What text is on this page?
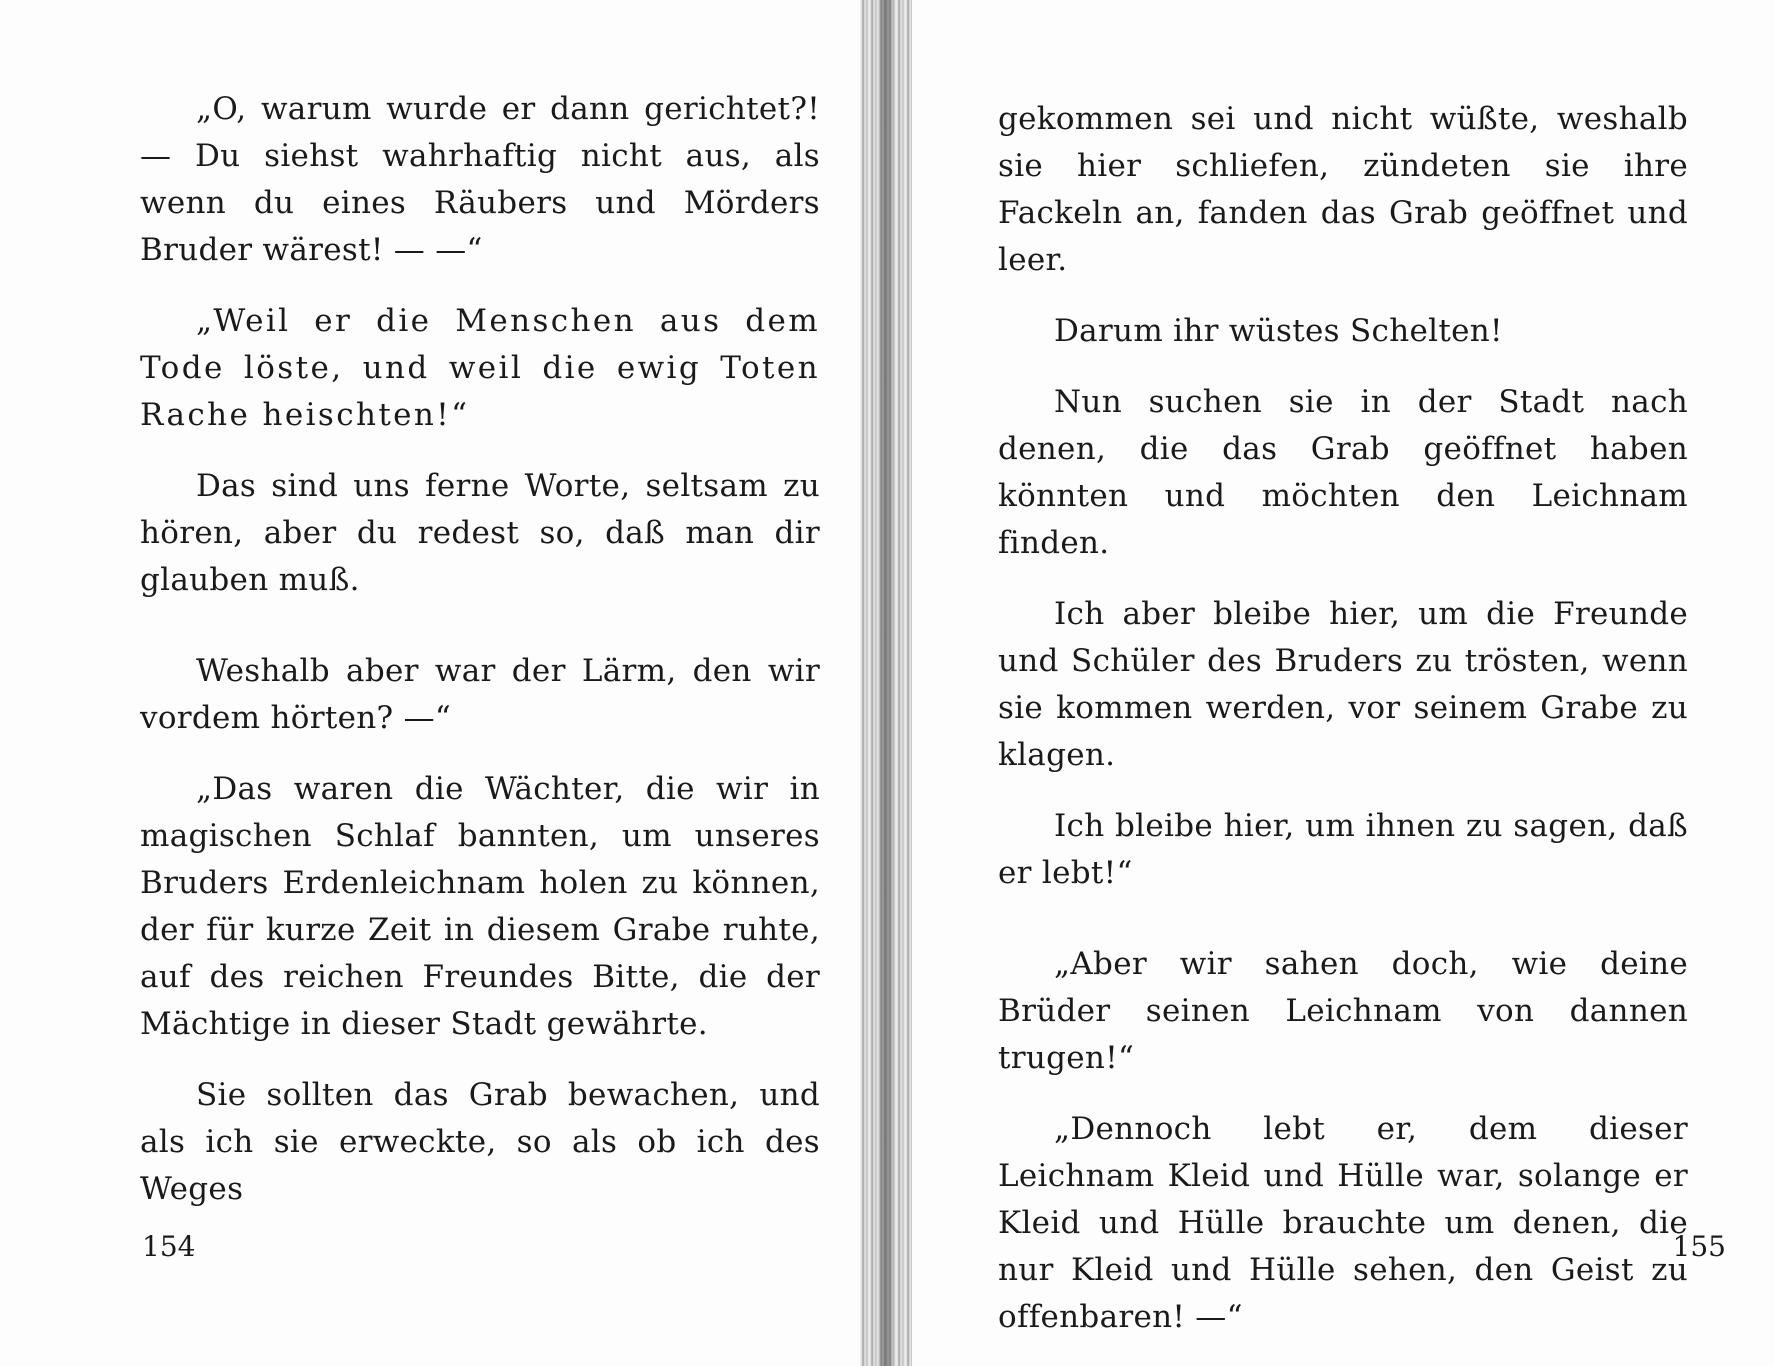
„O, warum wurde er dann gerichtet?! — Du siehst wahrhaftig nicht aus, als wenn du eines Räubers und Mörders Bruder wärest! — —“

„Weil er die Menschen aus dem Tode löste, und weil die ewig Toten Rache heischten!“

Das sind uns ferne Worte, seltsam zu hören, aber du redest so, daß man dir glauben muß.

Weshalb aber war der Lärm, den wir vordem hörten? —“

„Das waren die Wächter, die wir in magischen Schlaf bannten, um unseres Bruders Erdenleichnam holen zu können, der für kurze Zeit in diesem Grabe ruhte, auf des reichen Freundes Bitte, die der Mächtige in dieser Stadt gewährte.

Sie sollten das Grab bewachen, und als ich sie erweckte, so als ob ich des Weges

154

gekommen sei und nicht wüßte, weshalb sie hier schliefen, zündeten sie ihre Fackeln an, fanden das Grab geöffnet und leer.

Darum ihr wüstes Schelten!

Nun suchen sie in der Stadt nach denen, die das Grab geöffnet haben könnten und möchten den Leichnam finden.

Ich aber bleibe hier, um die Freunde und Schüler des Bruders zu trösten, wenn sie kommen werden, vor seinem Grabe zu klagen.

Ich bleibe hier, um ihnen zu sagen, daß er lebt!“

„Aber wir sahen doch, wie deine Brüder seinen Leichnam von dannen trugen!“

„Dennoch lebt er, dem dieser Leichnam Kleid und Hülle war, solange er Kleid und Hülle brauchte um denen, die nur Kleid und Hülle sehen, den Geist zu offenbaren! —“

155
